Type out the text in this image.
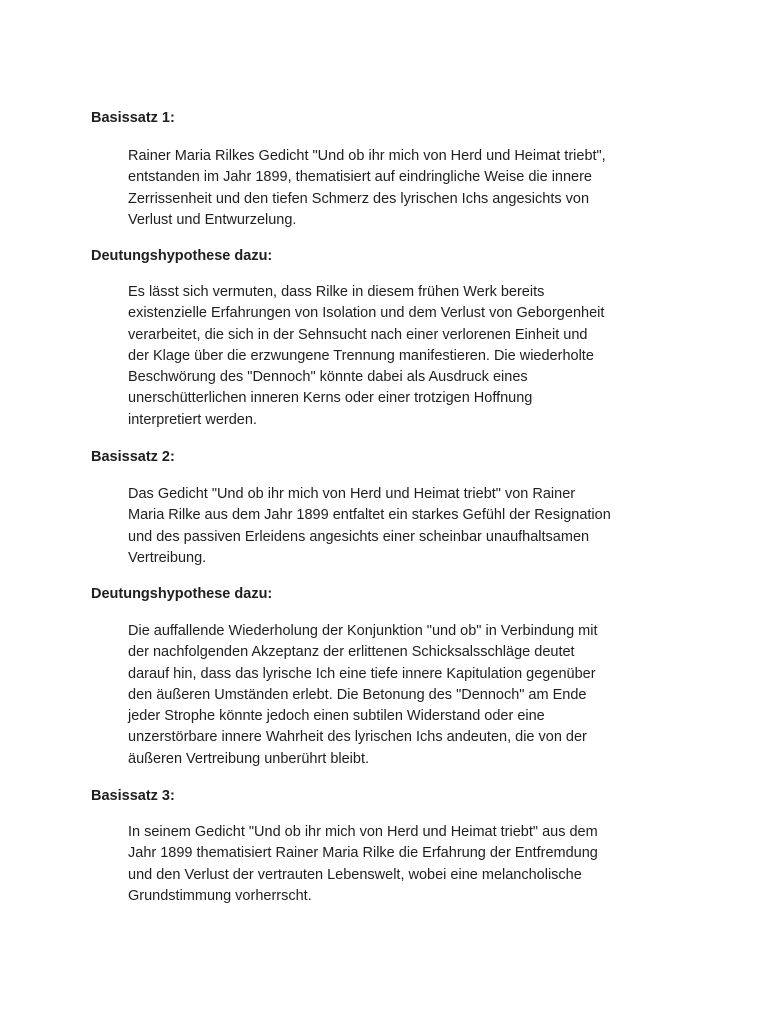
Basissatz 1:

Rainer Maria Rilkes Gedicht "Und ob ihr mich von Herd und Heimat triebt",
entstanden im Jahr 1899, thematisiert auf eindringliche Weise die innere
Zerrissenheit und den tiefen Schmerz des lyrischen Ichs angesichts von
Verlust und Entwurzelung.

Deutungshypothese dazu:

Es lässt sich vermuten, dass Rilke in diesem frühen Werk bereits
existenzielle Erfahrungen von Isolation und dem Verlust von Geborgenheit
verarbeitet, die sich in der Sehnsucht nach einer verlorenen Einheit und
der Klage über die erzwungene Trennung manifestieren. Die wiederholte
Beschwörung des "Dennoch" könnte dabei als Ausdruck eines
unerschütterlichen inneren Kerns oder einer trotzigen Hoffnung
interpretiert werden.

Basissatz 2:

Das Gedicht "Und ob ihr mich von Herd und Heimat triebt" von Rainer
Maria Rilke aus dem Jahr 1899 entfaltet ein starkes Gefühl der Resignation
und des passiven Erleidens angesichts einer scheinbar unaufhaltsamen
Vertreibung.

Deutungshypothese dazu:

Die auffallende Wiederholung der Konjunktion "und ob" in Verbindung mit
der nachfolgenden Akzeptanz der erlittenen Schicksalsschläge deutet
darauf hin, dass das lyrische Ich eine tiefe innere Kapitulation gegenüber
den äußeren Umständen erlebt. Die Betonung des "Dennoch" am Ende
jeder Strophe könnte jedoch einen subtilen Widerstand oder eine
unzerstörbare innere Wahrheit des lyrischen Ichs andeuten, die von der
äußeren Vertreibung unberührt bleibt.

Basissatz 3:

In seinem Gedicht "Und ob ihr mich von Herd und Heimat triebt" aus dem
Jahr 1899 thematisiert Rainer Maria Rilke die Erfahrung der Entfremdung
und den Verlust der vertrauten Lebenswelt, wobei eine melancholische
Grundstimmung vorherrscht.
